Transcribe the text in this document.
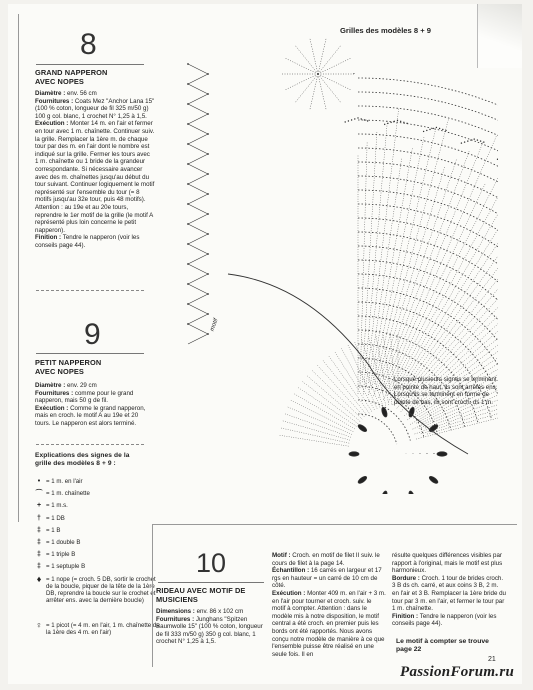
8
GRAND NAPPERON
AVEC NOPES
Diamètre : env. 56 cm
Fournitures : Coats Mez "Anchor Lana 15" (100 % coton, longueur de fil 325 m/50 g) 100 g col. blanc, 1 crochet N° 1,25 à 1,5.
Exécution : Monter 14 m. en l'air et fermer en tour avec 1 m. chaînette. Continuer suiv. la grille. Remplacer la 1ère m. de chaque tour par des m. en l'air dont le nombre est indiqué sur la grille. Fermer les tours avec 1 m. chaînette ou 1 bride de la grandeur correspondante. Si nécessaire avancer avec des m. chaînettes jusqu'au début du tour suivant. Continuer logiquement le motif représenté sur l'ensemble du tour (= 8 motifs jusqu'au 32e tour, puis 48 motifs). Attention : au 19e et au 20e tours, reprendre le 1er motif de la grille (le motif A représenté plus loin concerne le petit napperon).
Finition : Tendre le napperon (voir les conseils page 44).
9
PETIT NAPPERON
AVEC NOPES
Diamètre : env. 29 cm
Fournitures : comme pour le grand napperon, mais 50 g de fil.
Exécution : Comme le grand napperon, mais en croch. le motif A au 19e et 20 tours. Le napperon est alors terminé.
Explications des signes de la grille des modèles 8 + 9 :
• = 1 m. en l'air
⌒ = 1 m. chaînette
+ = 1 m.s.
† = 1 DB
‡ = 1 B
‡ = 1 double B
‡ = 1 triple B
‡ = 1 septuple B
♦ = 1 nope (= croch. 5 DB, sortir le crochet de la boucle, piquer de la tête de la 1ère DB, reprendre la boucle sur le crochet et arrêter ens. avec la dernière boucle)
♀ = 1 picot (= 4 m. en l'air, 1 m. chaînette ds la 1ère des 4 m. en l'air)
Grilles des modèles 8 + 9
motif
Lorsque plusieurs signes se terminent en pointe de haut, ils sont arrêtés ens. Lorsqu'ils se terminent en forme de pointe de bas, ils sont croch. ds 1 m.
10
RIDEAU AVEC MOTIF DE
MUSICIENS
Dimensions : env. 86 x 102 cm
Fournitures : Junghans "Spitzen Baumwolle 15" (100 % coton, longueur de fil 333 m/50 g) 350 g col. blanc, 1 crochet N° 1,25 à 1,5.
Motif : Croch. en motif de filet II suiv. le cours de filet à la page 14.
Échantillon : 16 carrés en largeur et 17 rgs en hauteur = un carré de 10 cm de côté.
Exécution : Monter 409 m. en l'air + 3 m. en l'air pour tourner et croch. suiv. le motif à compter. Attention : dans le modèle mis à notre disposition, le motif central a été croch. en premier puis les bords ont été rapportés. Nous avons conçu notre modèle de manière à ce que l'ensemble puisse être réalisé en une seule fois. Il en
résulte quelques différences visibles par rapport à l'original, mais le motif est plus harmonieux.
Bordure : Croch. 1 tour de brides croch. 3 B ds ch. carré, et aux coins 3 B, 2 m. en l'air et 3 B. Remplacer la 1ère bride du tour par 3 m. en l'air, et fermer le tour par 1 m. chaînette.
Finition : Tendre le napperon (voir les conseils page 44).
Le motif à compter se trouve
page 22
21
PassionForum.ru
